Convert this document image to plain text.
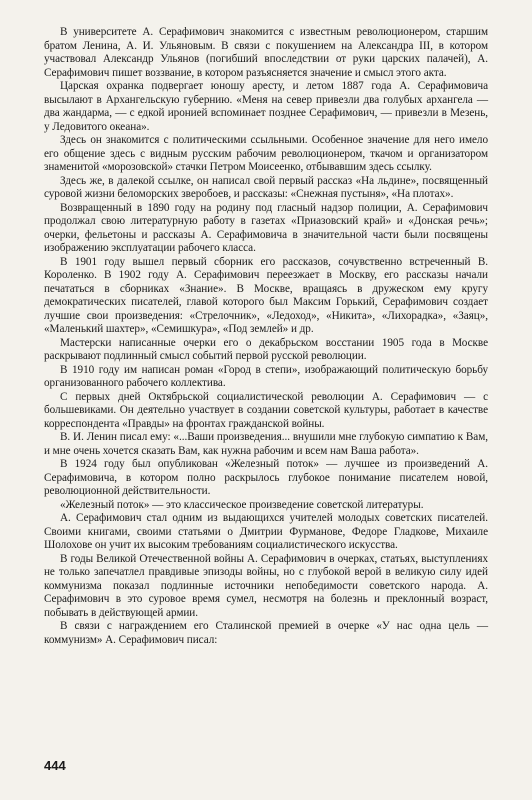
В университете А. Серафимович знакомится с известным революционером, старшим братом Ленина, А. И. Ульяновым. В связи с покушением на Александра III, в котором участвовал Александр Ульянов (погибший впоследствии от руки царских палачей), А. Серафимович пишет воззвание, в котором разъясняется значение и смысл этого акта.

Царская охранка подвергает юношу аресту, и летом 1887 года А. Серафимовича высылают в Архангельскую губернию. «Меня на север привезли два голубых архангела — два жандарма, — с едкой иронией вспоминает позднее Серафимович, — привезли в Мезень, у Ледовитого океана».

Здесь он знакомится с политическими ссыльными. Особенное значение для него имело его общение здесь с видным русским рабочим революционером, ткачом и организатором знаменитой «морозовской» стачки Петром Моисеенко, отбывавшим здесь ссылку.

Здесь же, в далекой ссылке, он написал свой первый рассказ «На льдине», посвященный суровой жизни беломорских зверобоев, и рассказы: «Снежная пустыня», «На плотах».

Возвращенный в 1890 году на родину под гласный надзор полиции, А. Серафимович продолжал свою литературную работу в газетах «Приазовский край» и «Донская речь»; очерки, фельетоны и рассказы А. Серафимовича в значительной части были посвящены изображению эксплуатации рабочего класса.

В 1901 году вышел первый сборник его рассказов, сочувственно встреченный В. Короленко. В 1902 году А. Серафимович переезжает в Москву, его рассказы начали печататься в сборниках «Знание». В Москве, вращаясь в дружеском ему кругу демократических писателей, главой которого был Максим Горький, Серафимович создает лучшие свои произведения: «Стрелочник», «Ледоход», «Никита», «Лихорадка», «Заяц», «Маленький шахтер», «Семишкура», «Под землей» и др.

Мастерски написанные очерки его о декабрьском восстании 1905 года в Москве раскрывают подлинный смысл событий первой русской революции.

В 1910 году им написан роман «Город в степи», изображающий политическую борьбу организованного рабочего коллектива.

С первых дней Октябрьской социалистической революции А. Серафимович — с большевиками. Он деятельно участвует в создании советской культуры, работает в качестве корреспондента «Правды» на фронтах гражданской войны.

В. И. Ленин писал ему: «...Ваши произведения... внушили мне глубокую симпатию к Вам, и мне очень хочется сказать Вам, как нужна рабочим и всем нам Ваша работа».

В 1924 году был опубликован «Железный поток» — лучшее из произведений А. Серафимовича, в котором полно раскрылось глубокое понимание писателем новой, революционной действительности.

«Железный поток» — это классическое произведение советской литературы.

А. Серафимович стал одним из выдающихся учителей молодых советских писателей. Своими книгами, своими статьями о Дмитрии Фурманове, Федоре Гладкове, Михаиле Шолохове он учит их высоким требованиям социалистического искусства.

В годы Великой Отечественной войны А. Серафимович в очерках, статьях, выступлениях не только запечатлел правдивые эпизоды войны, но с глубокой верой в великую силу идей коммунизма показал подлинные источники непобедимости советского народа. А. Серафимович в это суровое время сумел, несмотря на болезнь и преклонный возраст, побывать в действующей армии.

В связи с награждением его Сталинской премией в очерке «У нас одна цель — коммунизм» А. Серафимович писал:

444
